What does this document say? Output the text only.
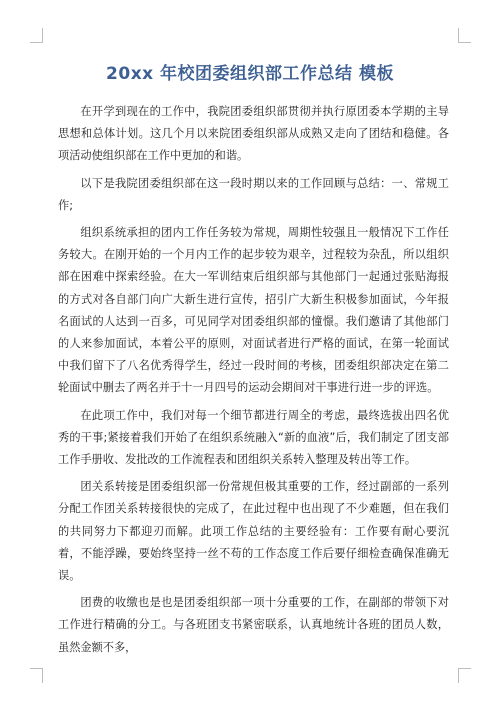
20xx 年校团委组织部工作总结 模板

在开学到现在的工作中，我院团委组织部贯彻并执行原团委本学期的主导思想和总体计划。这几个月以来院团委组织部从成熟又走向了团结和稳健。各项活动使组织部在工作中更加的和谐。

以下是我院团委组织部在这一段时期以来的工作回顾与总结：一、常规工作;

组织系统承担的团内工作任务较为常规，周期性较强且一般情况下工作任务较大。在刚开始的一个月内工作的起步较为艰辛，过程较为杂乱，所以组织部在困难中探索经验。在大一军训结束后组织部与其他部门一起通过张贴海报的方式对各自部门向广大新生进行宣传，招引广大新生积极参加面试，今年报名面试的人达到一百多，可见同学对团委组织部的憧憬。我们邀请了其他部门的人来参加面试，本着公平的原则，对面试者进行严格的面试，在第一轮面试中我们留下了八名优秀得学生，经过一段时间的考核，团委组织部决定在第二轮面试中删去了两名并于十一月四号的运动会期间对干事进行进一步的评选。

在此项工作中，我们对每一个细节都进行周全的考虑，最终选拔出四名优秀的干事;紧接着我们开始了在组织系统融入“新的血液”后，我们制定了团支部工作手册收、发批改的工作流程表和团组织关系转入整理及转出等工作。

团关系转接是团委组织部一份常规但极其重要的工作，经过副部的一系列分配工作团关系转接很快的完成了，在此过程中也出现了不少难题，但在我们的共同努力下都迎刃而解。此项工作总结的主要经验有：工作要有耐心要沉着，不能浮躁，要始终坚持一丝不苟的工作态度工作后要仔细检查确保准确无误。

团费的收缴也是也是团委组织部一项十分重要的工作，在副部的带领下对工作进行精确的分工。与各班团支书紧密联系，认真地统计各班的团员人数，虽然金额不多，
